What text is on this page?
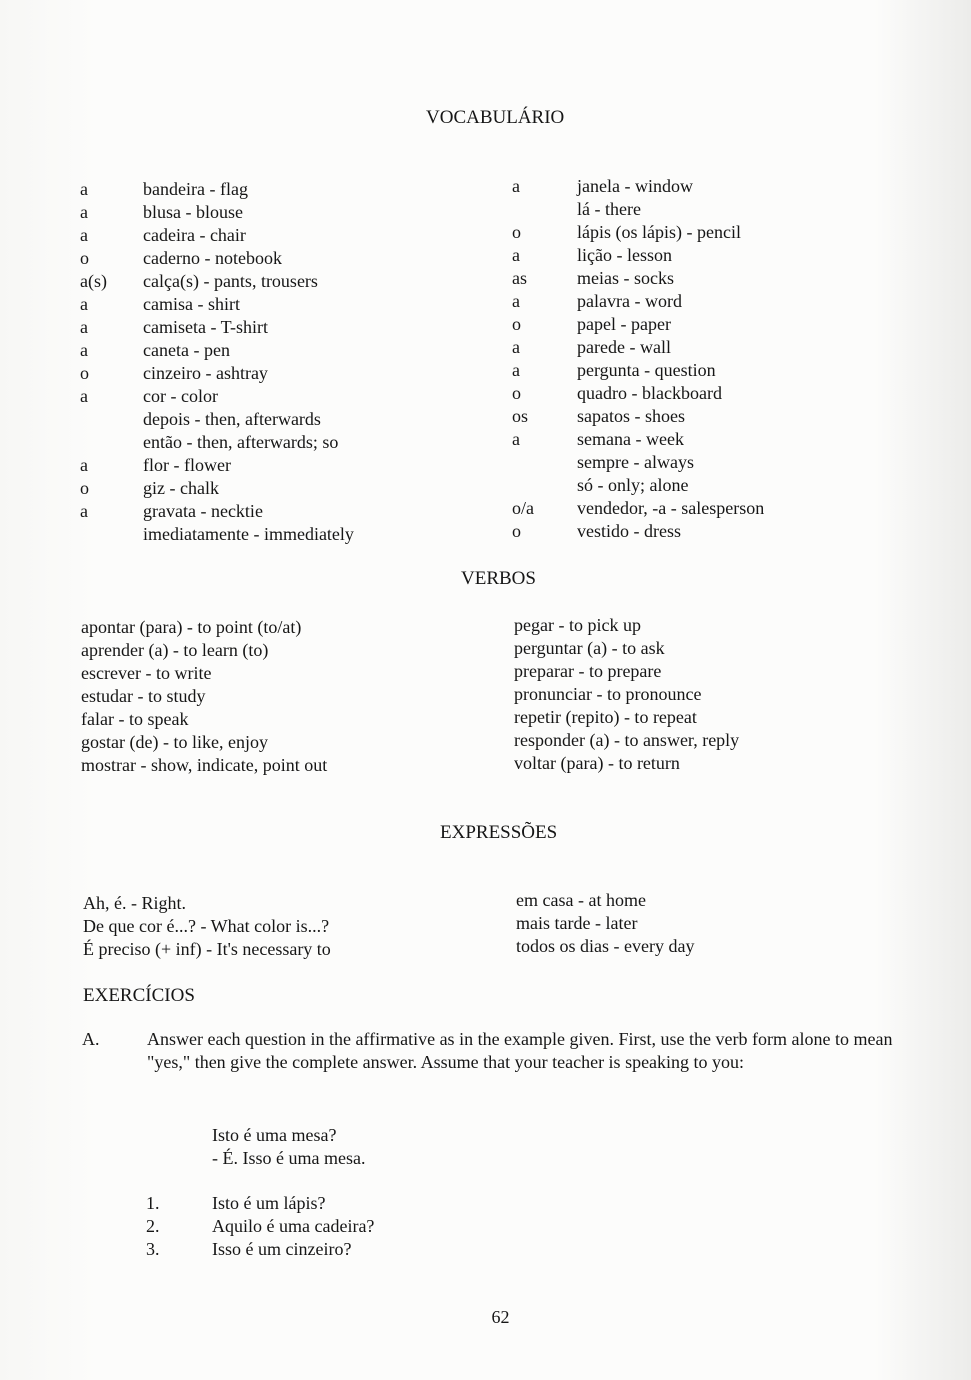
VOCABULÁRIO
a	bandeira - flag
a	blusa - blouse
a	cadeira - chair
o	caderno - notebook
a(s) calça(s) - pants, trousers
a	camisa - shirt
a	camiseta - T-shirt
a	caneta - pen
o	cinzeiro - ashtray
a	cor - color
depois - then, afterwards
então - then, afterwards; so
a	flor - flower
o	giz - chalk
a	gravata - necktie
imediatamente - immediately
a	janela - window
lá - there
o	lápis (os lápis) - pencil
a	lição - lesson
as	meias - socks
a	palavra - word
o	papel - paper
a	parede - wall
a	pergunta - question
o	quadro - blackboard
os	sapatos - shoes
a	semana - week
sempre - always
só - only; alone
o/a vendedor, -a - salesperson
o	vestido - dress
VERBOS
apontar (para) - to point (to/at)
aprender (a) - to learn (to)
escrever - to write
estudar - to study
falar - to speak
gostar (de) - to like, enjoy
mostrar - show, indicate, point out
pegar - to pick up
perguntar (a) - to ask
preparar - to prepare
pronunciar - to pronounce
repetir (repito) - to repeat
responder (a) - to answer, reply
voltar (para) - to return
EXPRESSÕES
Ah, é. - Right.
De que cor é...? - What color is...?
É preciso (+ inf) - It's necessary to
em casa - at home
mais tarde - later
todos os dias - every day
EXERCÍCIOS
A.	Answer each question in the affirmative as in the example given. First, use the verb form alone to mean "yes," then give the complete answer. Assume that your teacher is speaking to you:
Isto é uma mesa?
- É. Isso é uma mesa.
1.	Isto é um lápis?
2.	Aquilo é uma cadeira?
3.	Isso é um cinzeiro?
62
